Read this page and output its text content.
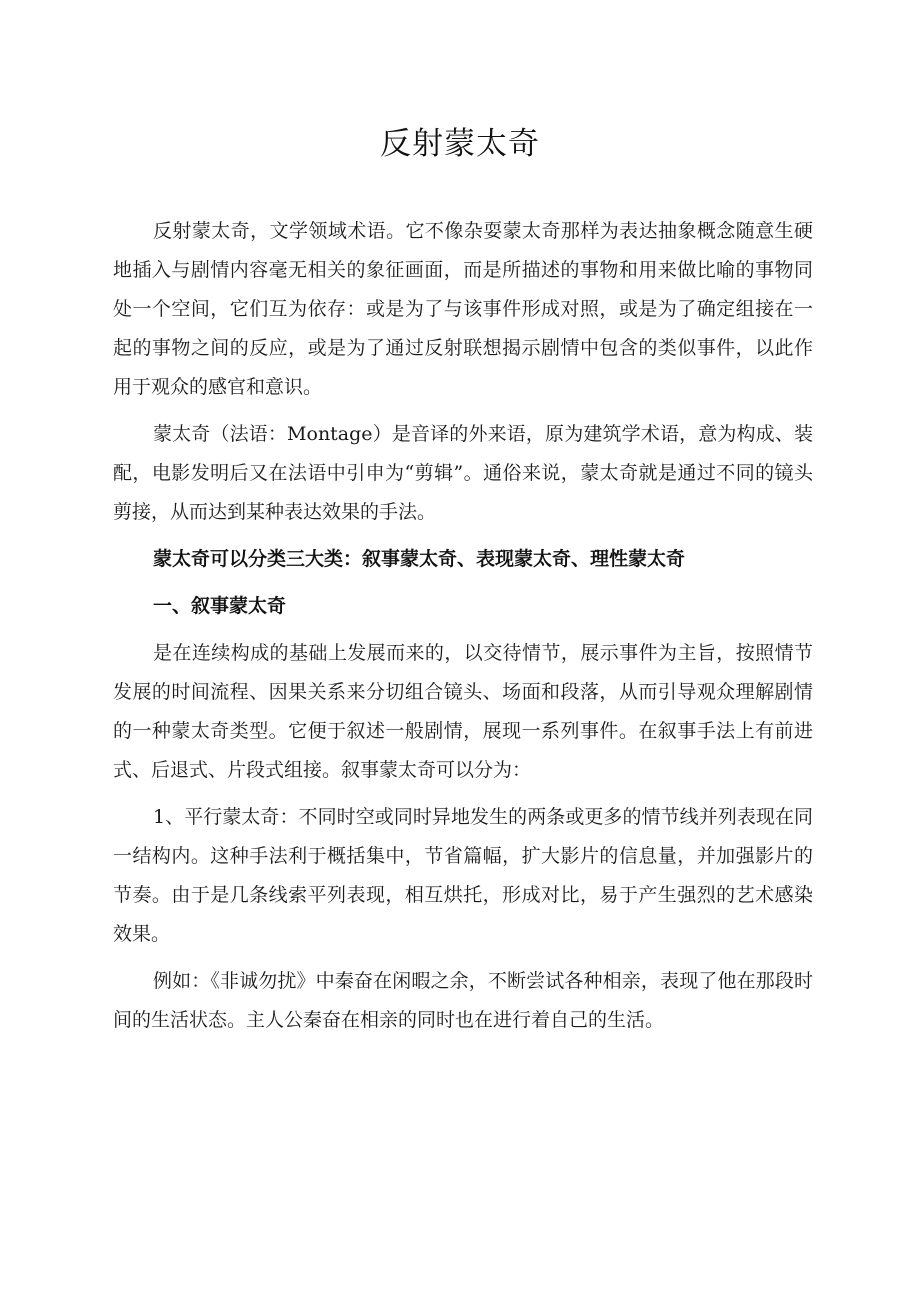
反射蒙太奇

反射蒙太奇，文学领域术语。它不像杂耍蒙太奇那样为表达抽象概念随意生硬地插入与剧情内容毫无相关的象征画面，而是所描述的事物和用来做比喻的事物同处一个空间，它们互为依存：或是为了与该事件形成对照，或是为了确定组接在一起的事物之间的反应，或是为了通过反射联想揭示剧情中包含的类似事件，以此作用于观众的感官和意识。

蒙太奇（法语：Montage）是音译的外来语，原为建筑学术语，意为构成、装配，电影发明后又在法语中引申为“剪辑”。通俗来说，蒙太奇就是通过不同的镜头剪接，从而达到某种表达效果的手法。

蒙太奇可以分类三大类：叙事蒙太奇、表现蒙太奇、理性蒙太奇

一、叙事蒙太奇

是在连续构成的基础上发展而来的，以交待情节，展示事件为主旨，按照情节发展的时间流程、因果关系来分切组合镜头、场面和段落，从而引导观众理解剧情的一种蒙太奇类型。它便于叙述一般剧情，展现一系列事件。在叙事手法上有前进式、后退式、片段式组接。叙事蒙太奇可以分为：

1、平行蒙太奇：不同时空或同时异地发生的两条或更多的情节线并列表现在同一结构内。这种手法利于概括集中，节省篇幅，扩大影片的信息量，并加强影片的节奏。由于是几条线索平列表现，相互烘托，形成对比，易于产生强烈的艺术感染效果。

例如：《非诚勿扰》中秦奋在闲暇之余，不断尝试各种相亲，表现了他在那段时间的生活状态。主人公秦奋在相亲的同时也在进行着自己的生活。
